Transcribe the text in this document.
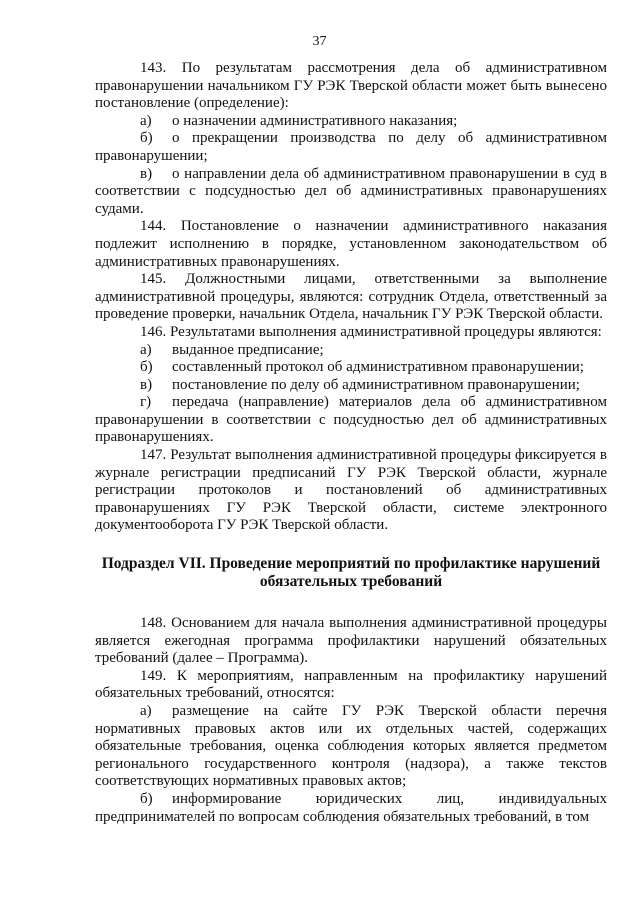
37

143. По результатам рассмотрения дела об административном правонарушении начальником ГУ РЭК Тверской области может быть вынесено постановление (определение):

а) о назначении административного наказания;

б) о прекращении производства по делу об административном правонарушении;

в) о направлении дела об административном правонарушении в суд в соответствии с подсудностью дел об административных правонарушениях судами.

144. Постановление о назначении административного наказания подлежит исполнению в порядке, установленном законодательством об административных правонарушениях.

145. Должностными лицами, ответственными за выполнение административной процедуры, являются: сотрудник Отдела, ответственный за проведение проверки, начальник Отдела, начальник ГУ РЭК Тверской области.

146. Результатами выполнения административной процедуры являются:

а) выданное предписание;

б) составленный протокол об административном правонарушении;

в) постановление по делу об административном правонарушении;

г) передача (направление) материалов дела об административном правонарушении в соответствии с подсудностью дел об административных правонарушениях.

147. Результат выполнения административной процедуры фиксируется в журнале регистрации предписаний ГУ РЭК Тверской области, журнале регистрации протоколов и постановлений об административных правонарушениях ГУ РЭК Тверской области, системе электронного документооборота ГУ РЭК Тверской области.

Подраздел VII. Проведение мероприятий по профилактике нарушений обязательных требований

148. Основанием для начала выполнения административной процедуры является ежегодная программа профилактики нарушений обязательных требований (далее – Программа).

149. К мероприятиям, направленным на профилактику нарушений обязательных требований, относятся:

а) размещение на сайте ГУ РЭК Тверской области перечня нормативных правовых актов или их отдельных частей, содержащих обязательные требования, оценка соблюдения которых является предметом регионального государственного контроля (надзора), а также текстов соответствующих нормативных правовых актов;

б) информирование юридических лиц, индивидуальных предпринимателей по вопросам соблюдения обязательных требований, в том
